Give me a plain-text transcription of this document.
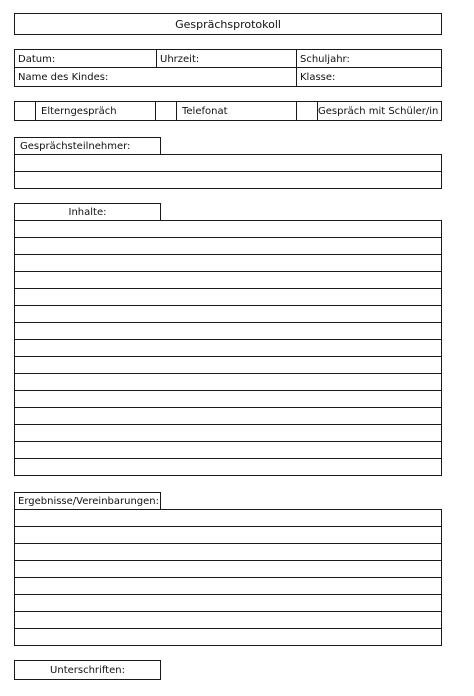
Gesprächsprotokoll
Datum:	Uhrzeit:	Schuljahr:
Name des Kindes:	Klasse:
Elterngespräch	Telefonat	Gespräch mit Schüler/in
Gesprächsteilnehmer:
Inhalte:
Ergebnisse/Vereinbarungen:
Unterschriften:
